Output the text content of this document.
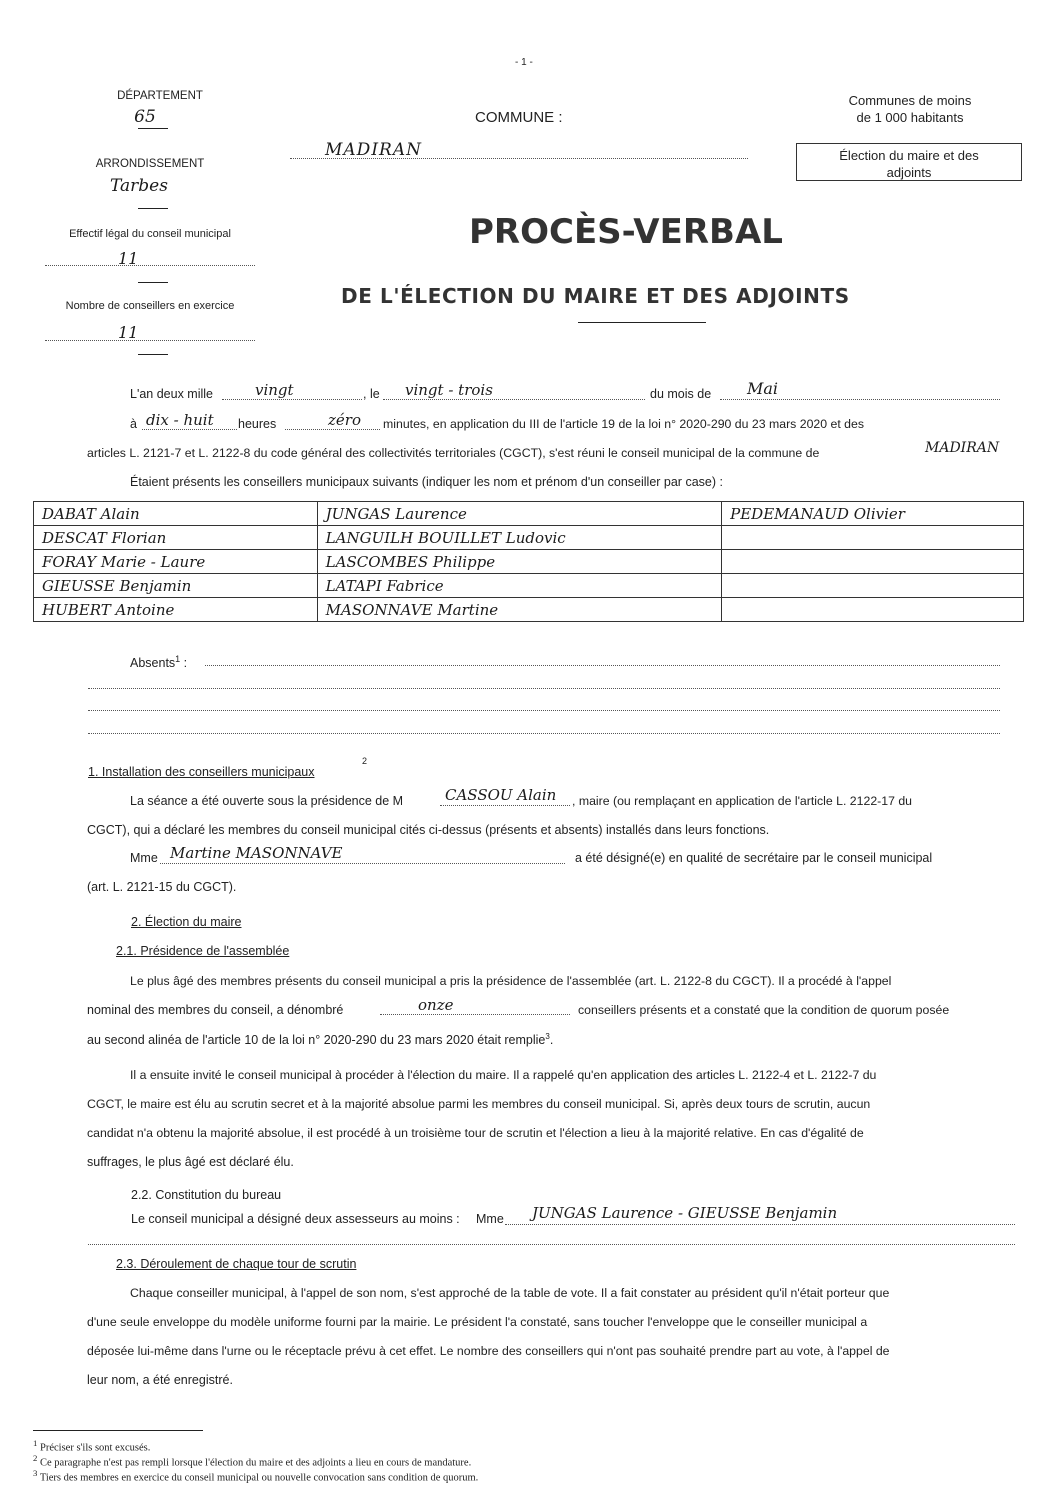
- 1 -
DÉPARTEMENT
65
ARRONDISSEMENT
Tarbes
Effectif légal du conseil municipal
11
Nombre de conseillers en exercice
11
COMMUNE :
MADIRAN
Communes de moins
de 1 000 habitants
Élection du maire et des
adjoints
PROCÈS-VERBAL
DE L'ÉLECTION DU MAIRE ET DES ADJOINTS
L'an deux mille	vingt	, le vingt - trois	du mois de Mai
à dix - huit heures	zéro minutes, en application du III de l'article 19 de la loi n° 2020-290 du 23 mars 2020 et des
articles L. 2121-7 et L. 2122-8 du code général des collectivités territoriales (CGCT), s'est réuni le conseil municipal de la commune de	MADIRAN
Étaient présents les conseillers municipaux suivants (indiquer les nom et prénom d'un conseiller par case) :
DABAT Alain	JUNGAS Laurence	PEDEMANAUD Olivier
DESCAT Florian	LANGUILH BOUILLET Ludovic	
FORAY Marie - Laure	LASCOMBES Philippe	
GIEUSSE Benjamin	LATAPI Fabrice	
HUBERT Antoine	MASONNAVE Martine	
Absents$^1$ :
1. Installation des conseillers municipaux
2
La séance a été ouverte sous la présidence de M	CASSOU Alain , maire (ou remplaçant en application de l'article L. 2122-17 du
CGCT), qui a déclaré les membres du conseil municipal cités ci-dessus (présents et absents) installés dans leurs fonctions.
Mme Martine MASONNAVE	a été désigné(e) en qualité de secrétaire par le conseil municipal
(art. L. 2121-15 du CGCT).
2. Élection du maire
2.1. Présidence de l'assemblée
Le plus âgé des membres présents du conseil municipal a pris la présidence de l'assemblée (art. L. 2122-8 du CGCT). Il a procédé à l'appel
nominal des membres du conseil, a dénombré	onze	conseillers présents et a constaté que la condition de quorum posée
au second alinéa de l'article 10 de la loi n° 2020-290 du 23 mars 2020 était remplie$^3$.
Il a ensuite invité le conseil municipal à procéder à l'élection du maire. Il a rappelé qu'en application des articles L. 2122-4 et L. 2122-7 du
CGCT, le maire est élu au scrutin secret et à la majorité absolue parmi les membres du conseil municipal. Si, après deux tours de scrutin, aucun
candidat n'a obtenu la majorité absolue, il est procédé à un troisième tour de scrutin et l'élection a lieu à la majorité relative. En cas d'égalité de
suffrages, le plus âgé est déclaré élu.
2.2. Constitution du bureau
Le conseil municipal a désigné deux assesseurs au moins : Mme JUNGAS Laurence - GIEUSSE Benjamin
2.3. Déroulement de chaque tour de scrutin
Chaque conseiller municipal, à l'appel de son nom, s'est approché de la table de vote. Il a fait constater au président qu'il n'était porteur que
d'une seule enveloppe du modèle uniforme fourni par la mairie. Le président l'a constaté, sans toucher l'enveloppe que le conseiller municipal a
déposée lui-même dans l'urne ou le réceptacle prévu à cet effet. Le nombre des conseillers qui n'ont pas souhaité prendre part au vote, à l'appel de
leur nom, a été enregistré.
$^1$ Préciser s'ils sont excusés.
$^2$ Ce paragraphe n'est pas rempli lorsque l'élection du maire et des adjoints a lieu en cours de mandature.
$^3$ Tiers des membres en exercice du conseil municipal ou nouvelle convocation sans condition de quorum.
